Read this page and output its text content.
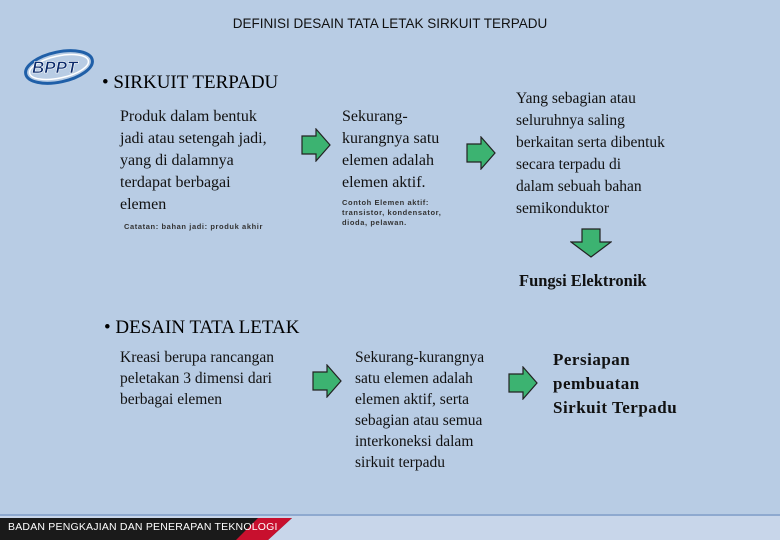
DEFINISI DESAIN TATA LETAK SIRKUIT TERPADU
BPPT
• SIRKUIT TERPADU
Produk dalam bentuk
jadi atau setengah jadi,
yang di dalamnya
terdapat berbagai
elemen
Catatan: bahan jadi: produk akhir
Sekurang-
kurangnya satu
elemen adalah
elemen aktif.
Contoh Elemen aktif:
transistor, kondensator,
dioda, pelawan.
Yang sebagian atau
seluruhnya saling
berkaitan serta dibentuk
secara terpadu di
dalam sebuah bahan
semikonduktor
Fungsi Elektronik
• DESAIN TATA LETAK
Kreasi berupa rancangan
peletakan 3 dimensi dari
berbagai elemen
Sekurang-kurangnya
satu elemen adalah
elemen aktif, serta
sebagian atau semua
interkoneksi dalam
sirkuit terpadu
Persiapan
pembuatan
Sirkuit Terpadu
BADAN PENGKAJIAN DAN PENERAPAN TEKNOLOGI
